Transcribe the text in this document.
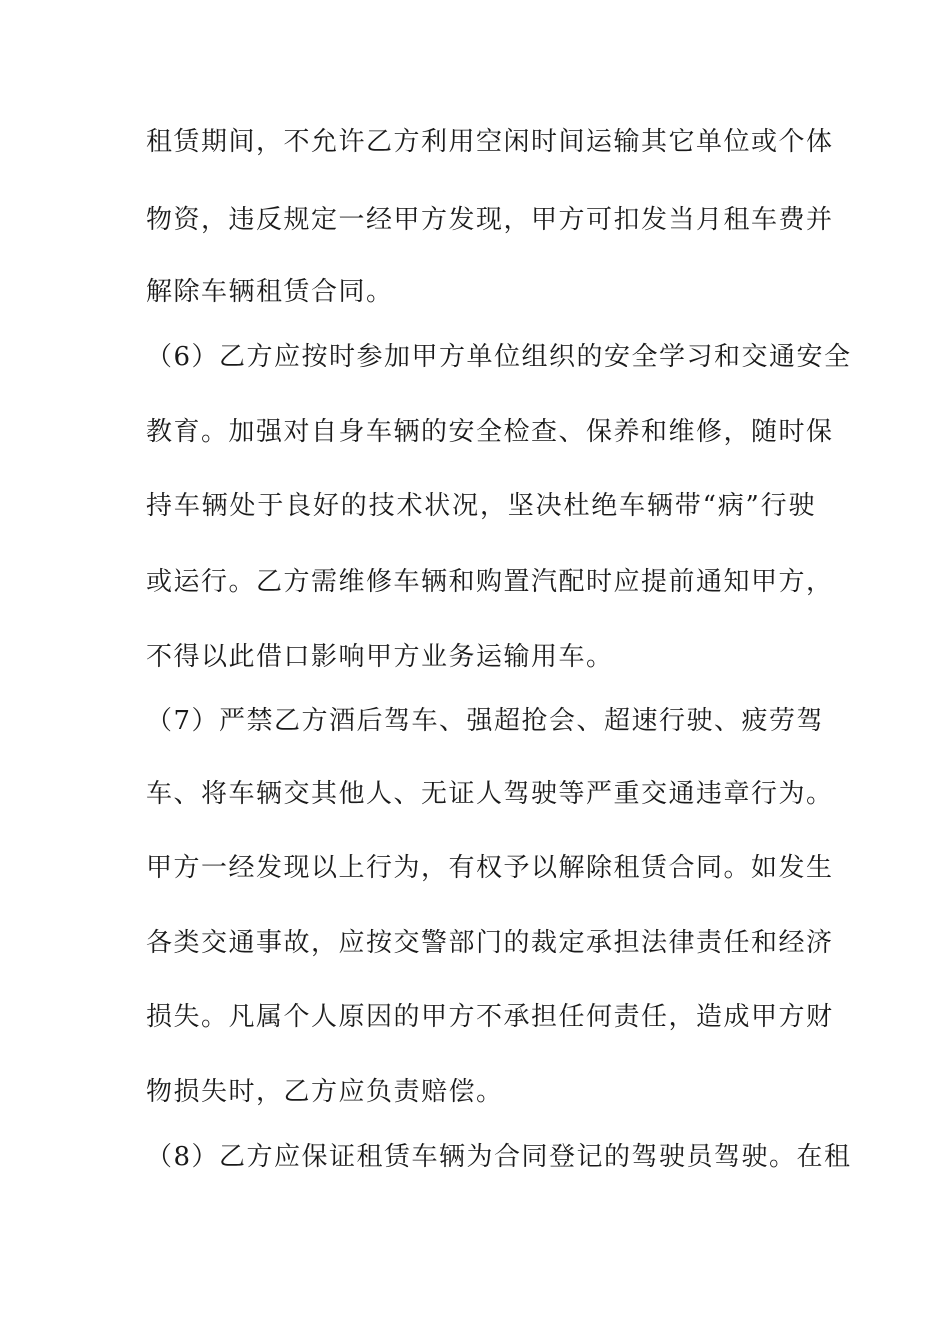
租赁期间，不允许乙方利用空闲时间运输其它单位或个体
物资，违反规定一经甲方发现，甲方可扣发当月租车费并
解除车辆租赁合同。
（6）乙方应按时参加甲方单位组织的安全学习和交通安全
教育。加强对自身车辆的安全检查、保养和维修，随时保
持车辆处于良好的技术状况，坚决杜绝车辆带“病”行驶
或运行。乙方需维修车辆和购置汽配时应提前通知甲方，
不得以此借口影响甲方业务运输用车。
（7）严禁乙方酒后驾车、强超抢会、超速行驶、疲劳驾
车、将车辆交其他人、无证人驾驶等严重交通违章行为。
甲方一经发现以上行为，有权予以解除租赁合同。如发生
各类交通事故，应按交警部门的裁定承担法律责任和经济
损失。凡属个人原因的甲方不承担任何责任，造成甲方财
物损失时，乙方应负责赔偿。
（8）乙方应保证租赁车辆为合同登记的驾驶员驾驶。在租
